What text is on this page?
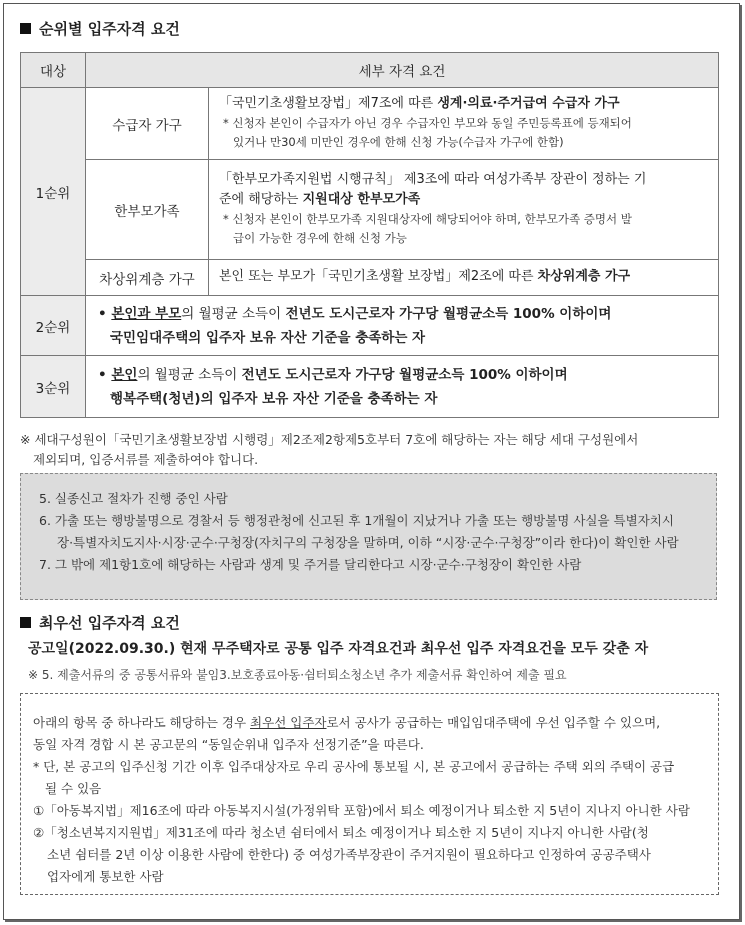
순위별 입주자격 요건
대상	세부 자격 요건	
1순위	수급자 가구	「국민기초생활보장법」제7조에 따른 생계·의료·주거급여 수급자 가구
* 신청자 본인이 수급자가 아닌 경우 수급자인 부모와 동일 주민등록표에 등재되어
있거나 만30세 미만인 경우에 한해 신청 가능(수급자 가구에 한함)

	한부모가족	「한부모가족지원법 시행규칙」 제3조에 따라 여성가족부 장관이 정하는 기
준에 해당하는 지원대상 한부모가족
* 신청자 본인이 한부모가족 지원대상자에 해당되어야 하며, 한부모가족 증명서 발
급이 가능한 경우에 한해 신청 가능

	차상위계층 가구	본인 또는 부모가「국민기초생활 보장법」제2조에 따른 차상위계층 가구

2순위	• 본인과 부모의 월평균 소득이 전년도 도시근로자 가구당 월평균소득 100% 이하이며
국민임대주택의 입주자 보유 자산 기준을 충족하는 자	

3순위	• 본인의 월평균 소득이 전년도 도시근로자 가구당 월평균소득 100% 이하이며
행복주택(청년)의 입주자 보유 자산 기준을 충족하는 자	
※ 세대구성원이「국민기초생활보장법 시행령」제2조제2항제5호부터 7호에 해당하는 자는 해당 세대 구성원에서
제외되며, 입증서류를 제출하여야 합니다.
5. 실종신고 절차가 진행 중인 사람
6. 가출 또는 행방불명으로 경찰서 등 행정관청에 신고된 후 1개월이 지났거나 가출 또는 행방불명 사실을 특별자치시
장·특별자치도지사·시장·군수·구청장(자치구의 구청장을 말하며, 이하 “시장·군수·구청장”이라 한다)이 확인한 사람
7. 그 밖에 제1항1호에 해당하는 사람과 생계 및 주거를 달리한다고 시장·군수·구청장이 확인한 사람
최우선 입주자격 요건
공고일(2022.09.30.) 현재 무주택자로 공통 입주 자격요건과 최우선 입주 자격요건을 모두 갖춘 자
※ 5. 제출서류의 중 공통서류와 붙임3.보호종료아동·쉼터퇴소청소년 추가 제출서류 확인하여 제출 필요
아래의 항목 중 하나라도 해당하는 경우 최우선 입주자로서 공사가 공급하는 매입임대주택에 우선 입주할 수 있으며,
동일 자격 경합 시 본 공고문의 “동일순위내 입주자 선정기준”을 따른다.
* 단, 본 공고의 입주신청 기간 이후 입주대상자로 우리 공사에 통보될 시, 본 공고에서 공급하는 주택 외의 주택이 공급
될 수 있음
①「아동복지법」제16조에 따라 아동복지시설(가정위탁 포함)에서 퇴소 예정이거나 퇴소한 지 5년이 지나지 아니한 사람
②「청소년복지지원법」제31조에 따라 청소년 쉼터에서 퇴소 예정이거나 퇴소한 지 5년이 지나지 아니한 사람(청
소년 쉼터를 2년 이상 이용한 사람에 한한다) 중 여성가족부장관이 주거지원이 필요하다고 인정하여 공공주택사
업자에게 통보한 사람
